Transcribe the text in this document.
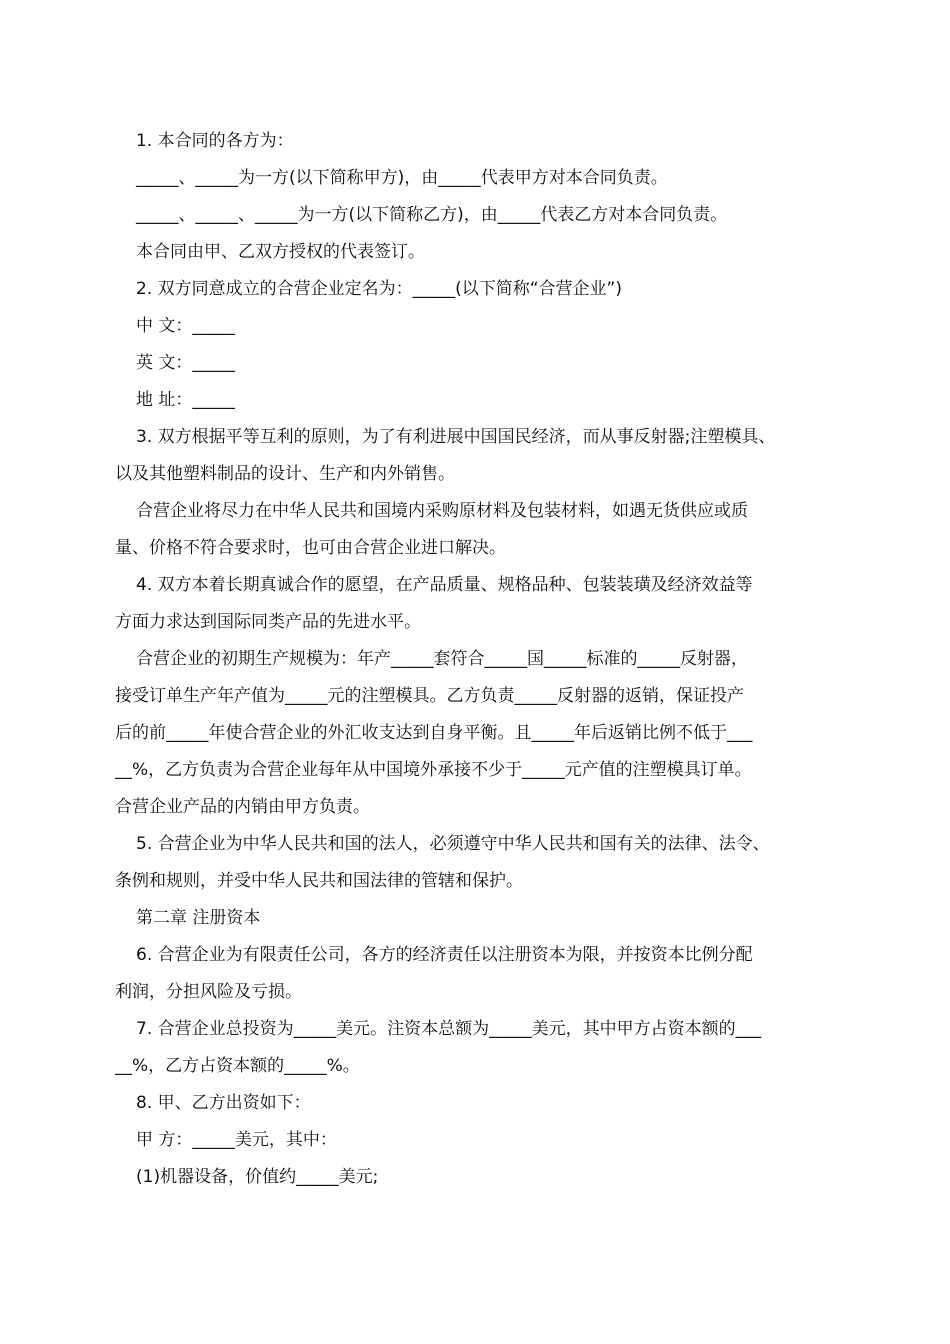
1. 本合同的各方为：
_____、_____为一方(以下简称甲方)，由_____代表甲方对本合同负责。
_____、_____、_____为一方(以下简称乙方)，由_____代表乙方对本合同负责。
本合同由甲、乙双方授权的代表签订。
2. 双方同意成立的合营企业定名为：_____(以下简称“合营企业”)
中 文：_____
英 文：_____
地 址：_____
3. 双方根据平等互利的原则，为了有利进展中国国民经济，而从事反射器;注塑模具、
以及其他塑料制品的设计、生产和内外销售。
合营企业将尽力在中华人民共和国境内采购原材料及包装材料，如遇无货供应或质
量、价格不符合要求时，也可由合营企业进口解决。
4. 双方本着长期真诚合作的愿望，在产品质量、规格品种、包装装璜及经济效益等
方面力求达到国际同类产品的先进水平。
合营企业的初期生产规模为：年产_____套符合_____国_____标准的_____反射器，
接受订单生产年产值为_____元的注塑模具。乙方负责_____反射器的返销，保证投产
后的前_____年使合营企业的外汇收支达到自身平衡。且_____年后返销比例不低于___
__%，乙方负责为合营企业每年从中国境外承接不少于_____元产值的注塑模具订单。
合营企业产品的内销由甲方负责。
5. 合营企业为中华人民共和国的法人，必须遵守中华人民共和国有关的法律、法令、
条例和规则，并受中华人民共和国法律的管辖和保护。
第二章 注册资本
6. 合营企业为有限责任公司，各方的经济责任以注册资本为限，并按资本比例分配
利润，分担风险及亏损。
7. 合营企业总投资为_____美元。注资本总额为_____美元，其中甲方占资本额的___
__%，乙方占资本额的_____%。
8. 甲、乙方出资如下：
甲 方：_____美元，其中：
(1)机器设备，价值约_____美元;
